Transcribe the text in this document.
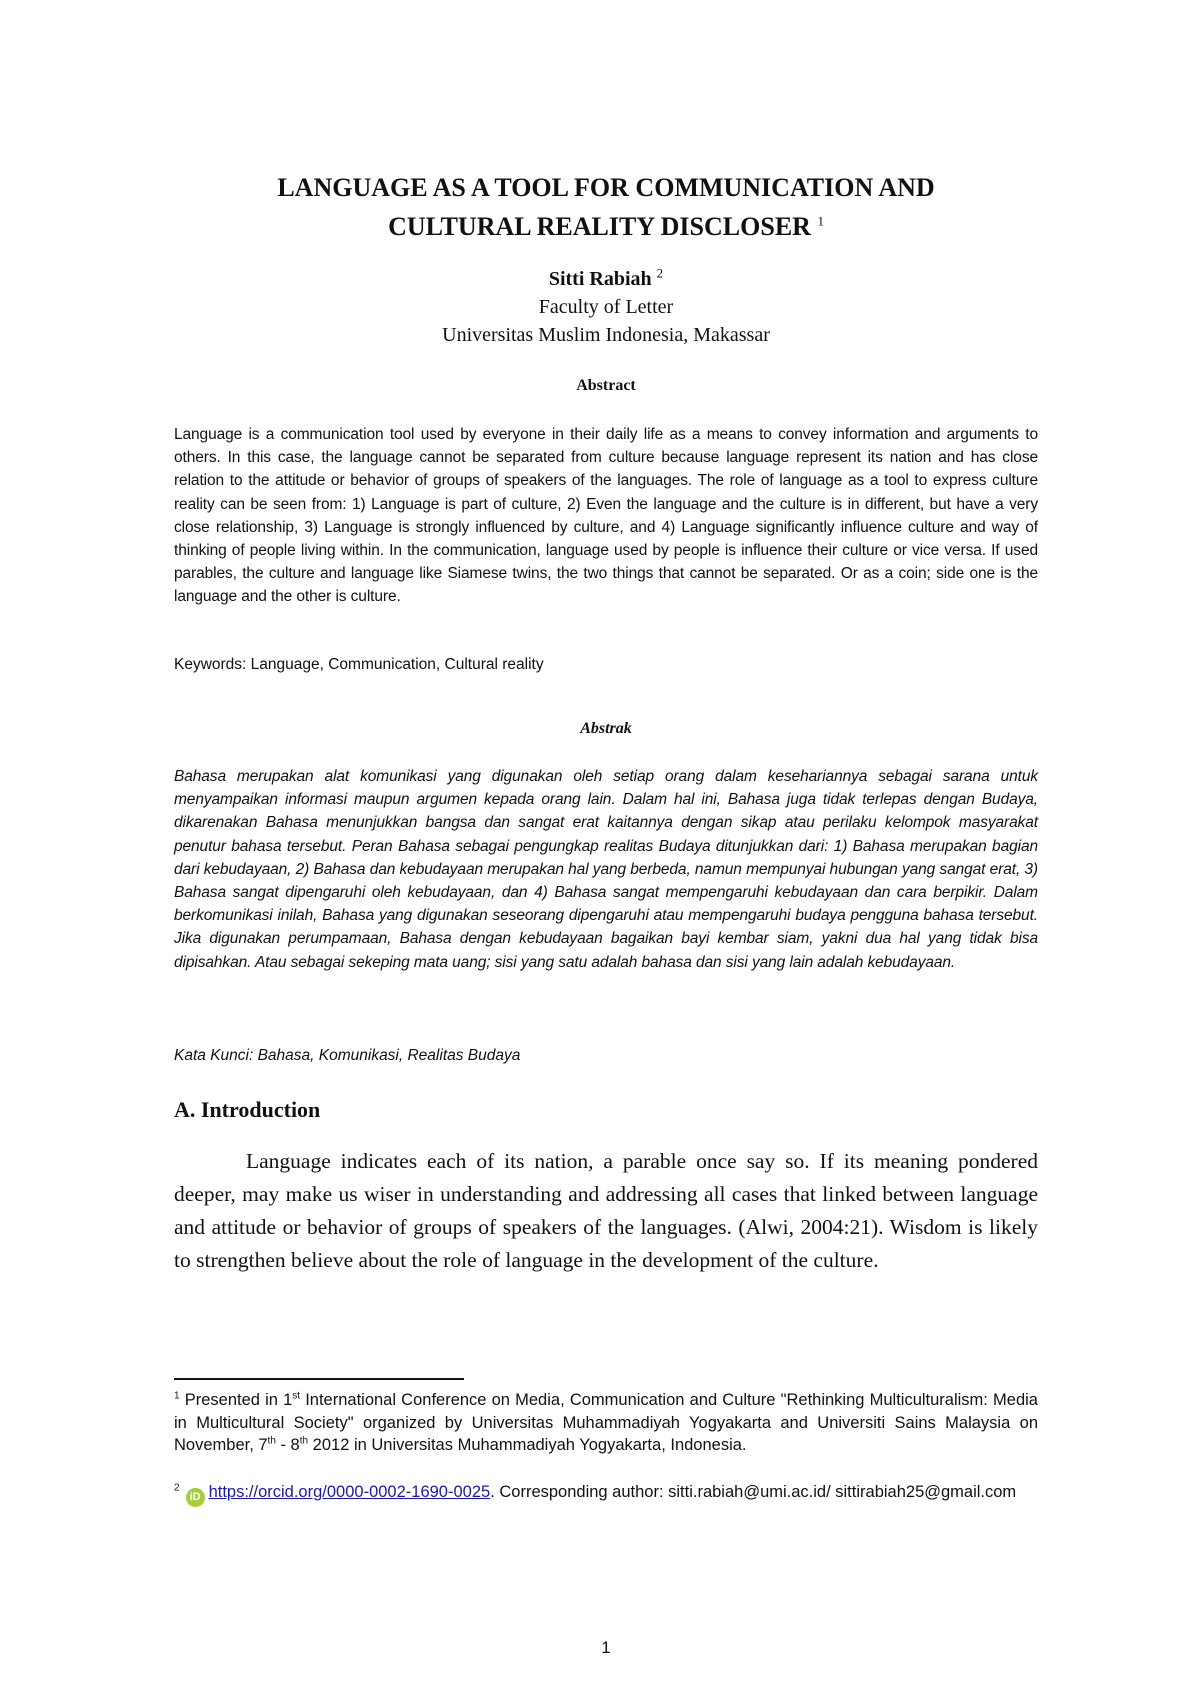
LANGUAGE AS A TOOL FOR COMMUNICATION AND
CULTURAL REALITY DISCLOSER $^1$
Sitti Rabiah $^2$
Faculty of Letter
Universitas Muslim Indonesia, Makassar
Abstract

Language is a communication tool used by everyone in their daily life as a means to convey information and arguments to others. In this case, the language cannot be separated from culture because language represent its nation and has close relation to the attitude or behavior of groups of speakers of the languages. The role of language as a tool to express culture reality can be seen from: 1) Language is part of culture, 2) Even the language and the culture is in different, but have a very close relationship, 3) Language is strongly influenced by culture, and 4) Language significantly influence culture and way of thinking of people living within. In the communication, language used by people is influence their culture or vice versa. If used parables, the culture and language like Siamese twins, the two things that cannot be separated. Or as a coin; side one is the language and the other is culture.

Keywords: Language, Communication, Cultural reality
Abstrak

Bahasa merupakan alat komunikasi yang digunakan oleh setiap orang dalam kesehariannya sebagai sarana untuk menyampaikan informasi maupun argumen kepada orang lain. Dalam hal ini, Bahasa juga tidak terlepas dengan Budaya, dikarenakan Bahasa menunjukkan bangsa dan sangat erat kaitannya dengan sikap atau perilaku kelompok masyarakat penutur bahasa tersebut. Peran Bahasa sebagai pengungkap realitas Budaya ditunjukkan dari: 1) Bahasa merupakan bagian dari kebudayaan, 2) Bahasa dan kebudayaan merupakan hal yang berbeda, namun mempunyai hubungan yang sangat erat, 3) Bahasa sangat dipengaruhi oleh kebudayaan, dan 4) Bahasa sangat mempengaruhi kebudayaan dan cara berpikir. Dalam berkomunikasi inilah, Bahasa yang digunakan seseorang dipengaruhi atau mempengaruhi budaya pengguna bahasa tersebut. Jika digunakan perumpamaan, Bahasa dengan kebudayaan bagaikan bayi kembar siam, yakni dua hal yang tidak bisa dipisahkan. Atau sebagai sekeping mata uang; sisi yang satu adalah bahasa dan sisi yang lain adalah kebudayaan.

Kata Kunci: Bahasa, Komunikasi, Realitas Budaya
A. Introduction

Language indicates each of its nation, a parable once say so. If its meaning pondered deeper, may make us wiser in understanding and addressing all cases that linked between language and attitude or behavior of groups of speakers of the languages. (Alwi, 2004:21). Wisdom is likely to strengthen believe about the role of language in the development of the culture.

$^1$ Presented in 1st International Conference on Media, Communication and Culture "Rethinking Multiculturalism: Media in Multicultural Society" organized by Universitas Muhammadiyah Yogyakarta and Universiti Sains Malaysia on November, 7th - 8th 2012 in Universitas Muhammadiyah Yogyakarta, Indonesia.

$^2$iD https://orcid.org/0000-0002-1690-0025. Corresponding author: sitti.rabiah@umi.ac.id/ sittirabiah25@gmail.com

1
